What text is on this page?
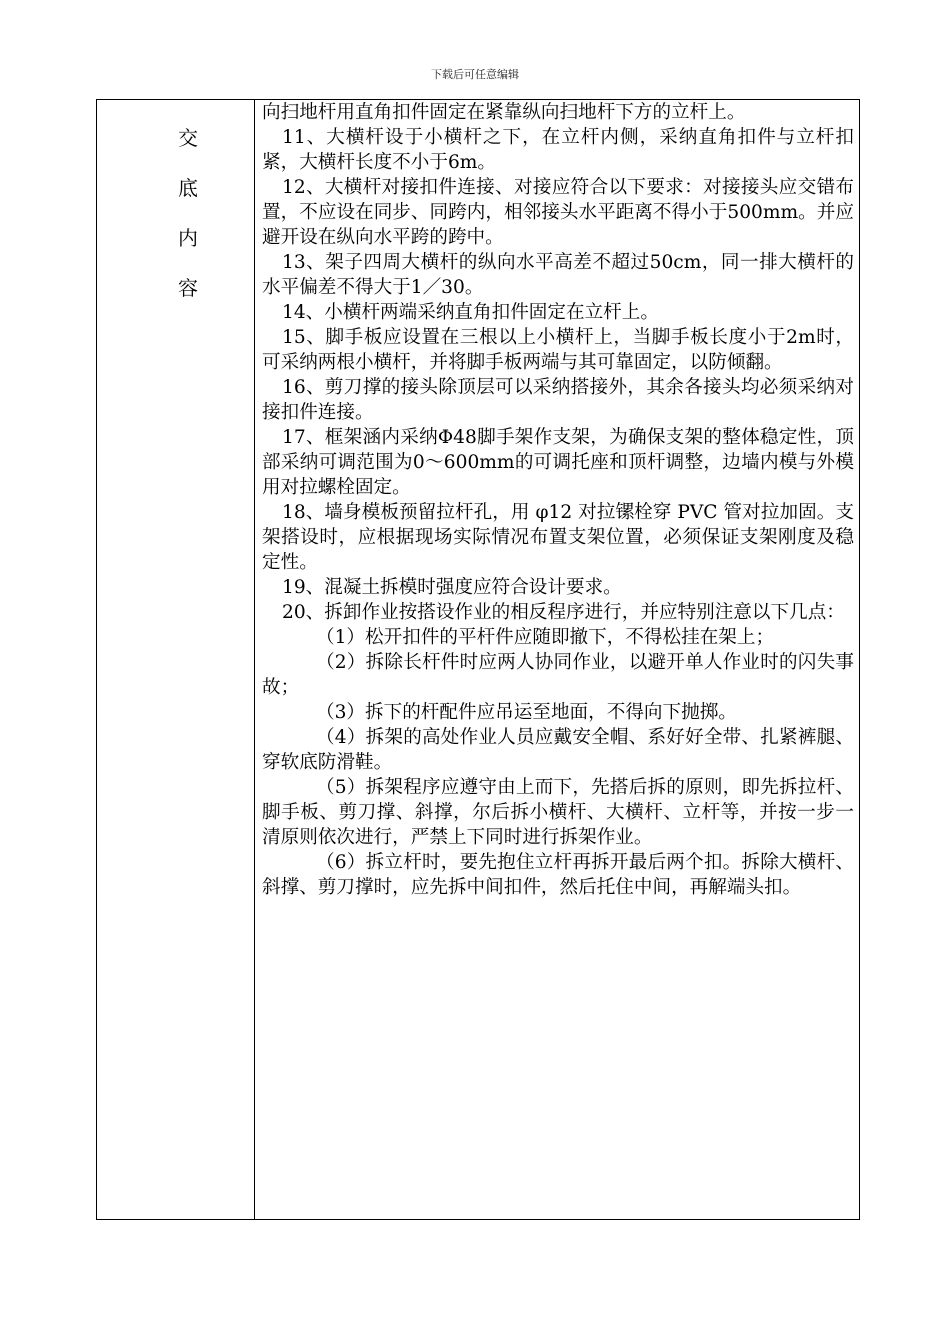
下载后可任意编辑
交
底
内
容

向扫地杆用直角扣件固定在紧靠纵向扫地杆下方的立杆上。

11、大横杆设于小横杆之下，在立杆内侧，采纳直角扣件与立杆扣紧，大横杆长度不小于6m。

12、大横杆对接扣件连接、对接应符合以下要求：对接接头应交错布置，不应设在同步、同跨内，相邻接头水平距离不得小于500mm。并应避开设在纵向水平跨的跨中。

13、架子四周大横杆的纵向水平高差不超过50cm，同一排大横杆的水平偏差不得大于1／30。

14、小横杆两端采纳直角扣件固定在立杆上。

15、脚手板应设置在三根以上小横杆上，当脚手板长度小于2m时，可采纳两根小横杆，并将脚手板两端与其可靠固定，以防倾翻。

16、剪刀撑的接头除顶层可以采纳搭接外，其余各接头均必须采纳对接扣件连接。

17、框架涵内采纳Φ48脚手架作支架，为确保支架的整体稳定性，顶部采纳可调范围为0～600mm的可调托座和顶杆调整，边墙内模与外模用对拉螺栓固定。

18、墙身模板预留拉杆孔，用 φ12 对拉镙栓穿 PVC 管对拉加固。支架搭设时，应根据现场实际情况布置支架位置，必须保证支架刚度及稳定性。

19、混凝土拆模时强度应符合设计要求。

20、拆卸作业按搭设作业的相反程序进行，并应特别注意以下几点：

（1）松开扣件的平杆件应随即撤下，不得松挂在架上；

（2）拆除长杆件时应两人协同作业，以避开单人作业时的闪失事故；

（3）拆下的杆配件应吊运至地面，不得向下抛掷。

（4）拆架的高处作业人员应戴安全帽、系好好全带、扎紧裤腿、穿软底防滑鞋。

（5）拆架程序应遵守由上而下，先搭后拆的原则，即先拆拉杆、脚手板、剪刀撑、斜撑，尔后拆小横杆、大横杆、立杆等，并按一步一清原则依次进行，严禁上下同时进行拆架作业。

（6）拆立杆时，要先抱住立杆再拆开最后两个扣。拆除大横杆、斜撑、剪刀撑时，应先拆中间扣件，然后托住中间，再解端头扣。
